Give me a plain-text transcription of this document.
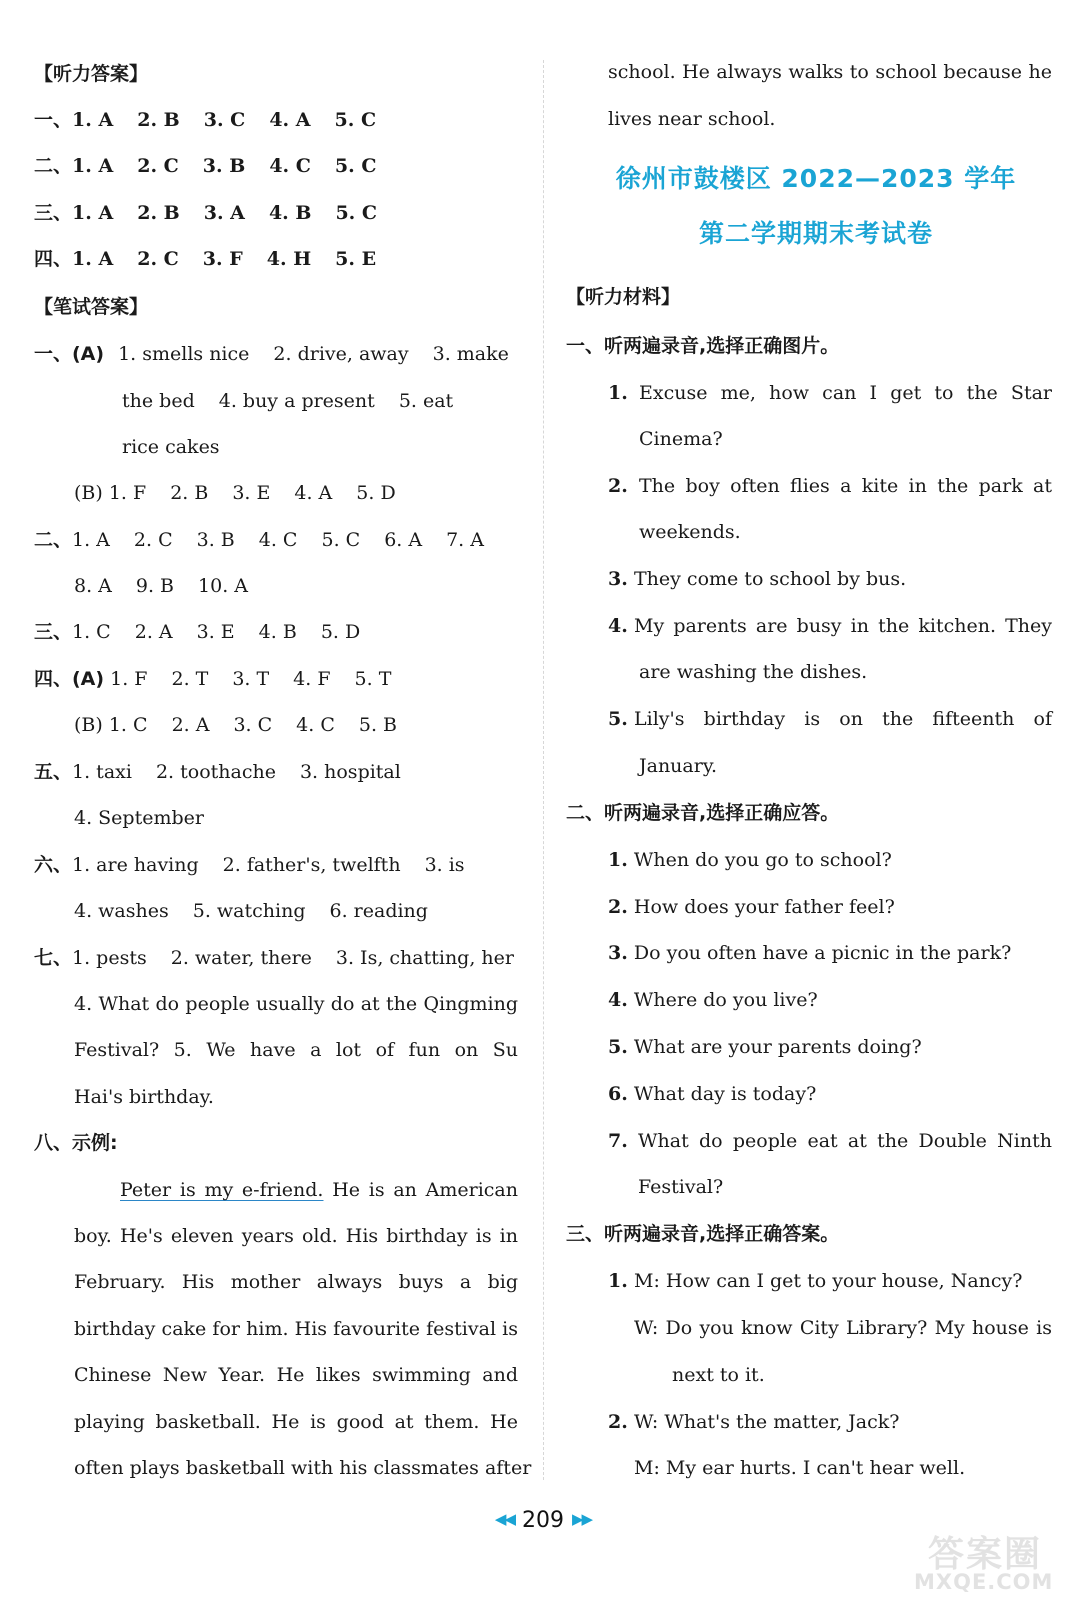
【听力答案】
一、1. A 2. B 3. C 4. A 5. C
二、1. A 2. C 3. B 4. C 5. C
三、1. A 2. B 3. A 4. B 5. C
四、1. A 2. C 3. F 4. H 5. E
【笔试答案】
一、(A) 1. smells nice 2. drive, away 3. make
the bed 4. buy a present 5. eat
rice cakes
(B) 1. F 2. B 3. E 4. A 5. D
二、1. A 2. C 3. B 4. C 5. C 6. A 7. A
8. A 9. B 10. A
三、1. C 2. A 3. E 4. B 5. D
四、(A) 1. F 2. T 3. T 4. F 5. T
(B) 1. C 2. A 3. C 4. C 5. B
五、1. taxi 2. toothache 3. hospital
4. September
六、1. are having 2. father's, twelfth 3. is
4. washes 5. watching 6. reading
七、1. pests 2. water, there 3. Is, chatting, her
4. What do people usually do at the Qingming
Festival? 5. We have a lot of fun on Su
Hai's birthday.
八、示例:
Peter is my e-friend. He is an American
boy. He's eleven years old. His birthday is in
February. His mother always buys a big
birthday cake for him. His favourite festival is
Chinese New Year. He likes swimming and
playing basketball. He is good at them. He
often plays basketball with his classmates after
school. He always walks to school because he
lives near school.
徐州市鼓楼区 2022—2023 学年
第二学期期末考试卷
【听力材料】
一、听两遍录音,选择正确图片。
1. Excuse me, how can I get to the Star
Cinema?
2. The boy often flies a kite in the park at
weekends.
3. They come to school by bus.
4. My parents are busy in the kitchen. They
are washing the dishes.
5. Lily's birthday is on the fifteenth of
January.
二、听两遍录音,选择正确应答。
1. When do you go to school?
2. How does your father feel?
3. Do you often have a picnic in the park?
4. Where do you live?
5. What are your parents doing?
6. What day is today?
7. What do people eat at the Double Ninth
Festival?
三、听两遍录音,选择正确答案。
1. M: How can I get to your house, Nancy?
W: Do you know City Library? My house is
next to it.
2. W: What's the matter, Jack?
M: My ear hurts. I can't hear well.
◀◀ 209 ▶▶
答案圈
MXQE.COM
